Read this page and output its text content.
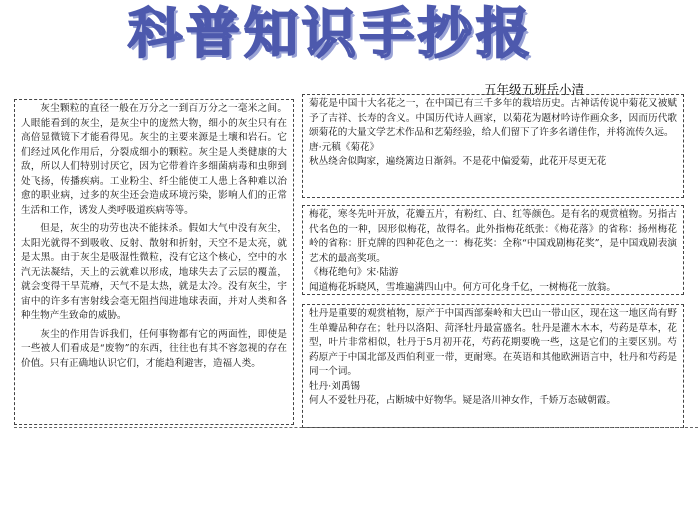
科普知识手抄报
五年级五班岳小清

灰尘颗粒的直径一般在万分之一到百万分之一毫米之间。人眼能看到的灰尘，是灰尘中的庞然大物，细小的灰尘只有在高倍显微镜下才能看得见。灰尘的主要来源是土壤和岩石。它们经过风化作用后，分裂成细小的颗粒。灰尘是人类健康的大敌，所以人们特别讨厌它，因为它带着许多细菌病毒和虫卵到处飞扬，传播疾病。工业粉尘、纤尘能使工人患上各种难以治愈的职业病，过多的灰尘还会造成环境污染，影响人们的正常生活和工作，诱发人类呼吸道疾病等等。

但是，灰尘的功劳也决不能抹杀。假如大气中没有灰尘，太阳光就得不到吸收、反射、散射和折射，天空不是太亮，就是太黑。由于灰尘是吸湿性微粒，没有它这个核心，空中的水汽无法凝结，天上的云就难以形成，地球失去了云层的覆盖，就会变得干旱荒瘠，天气不是太热，就是太冷。没有灰尘，宇宙中的许多有害射线会毫无阻挡闯进地球表面，并对人类和各种生物产生致命的威胁。

灰尘的作用告诉我们，任何事物都有它的两面性，即使是一些被人们看成是“废物”的东西，往往也有其不容忽视的存在价值。只有正确地认识它们，才能趋利避害，造福人类。

菊花是中国十大名花之一，在中国已有三千多年的栽培历史。古神话传说中菊花又被赋予了吉祥、长寿的含义。中国历代诗人画家，以菊花为题材吟诗作画众多，因而历代歌颂菊花的大量文学艺术作品和艺菊经验，给人们留下了许多名谱佳作，并将流传久远。
唐·元稹《菊花》
秋丛绕舍似陶家，遍绕篱边日渐斜。不是花中偏爱菊，此花开尽更无花
梅花，寒冬先叶开放，花瓣五片，有粉红、白、红等颜色。是有名的观赏植物。另指古代名色的一种，因形似梅花，故得名。此外指梅花纸张：《梅花落》的省称：扬州梅花岭的省称：肝克牌的四种花色之一：梅花奖：全称“中国戏剧梅花奖”，是中国戏剧表演艺术的最高奖项。
《梅花绝句》宋·陆游
闻道梅花坼晓风，雪堆遍满四山中。何方可化身千亿，一树梅花一放翁。
牡丹是重要的观赏植物，原产于中国西部秦岭和大巴山一带山区，现在这一地区尚有野生单瓣品种存在；牡丹以洛阳、菏泽牡丹最富盛名。牡丹是灌木木本，芍药是草本，花型，叶片非常相似，牡丹于5月初开花，芍药花期要晚一些，这是它们的主要区别。芍药原产于中国北部及西伯利亚一带，更耐寒。在英语和其他欧洲语言中，牡丹和芍药是同一个词。
牡丹·刘禹锡
何人不爱牡丹花，占断城中好物华。疑是洛川神女作，千娇万态破朝霞。
